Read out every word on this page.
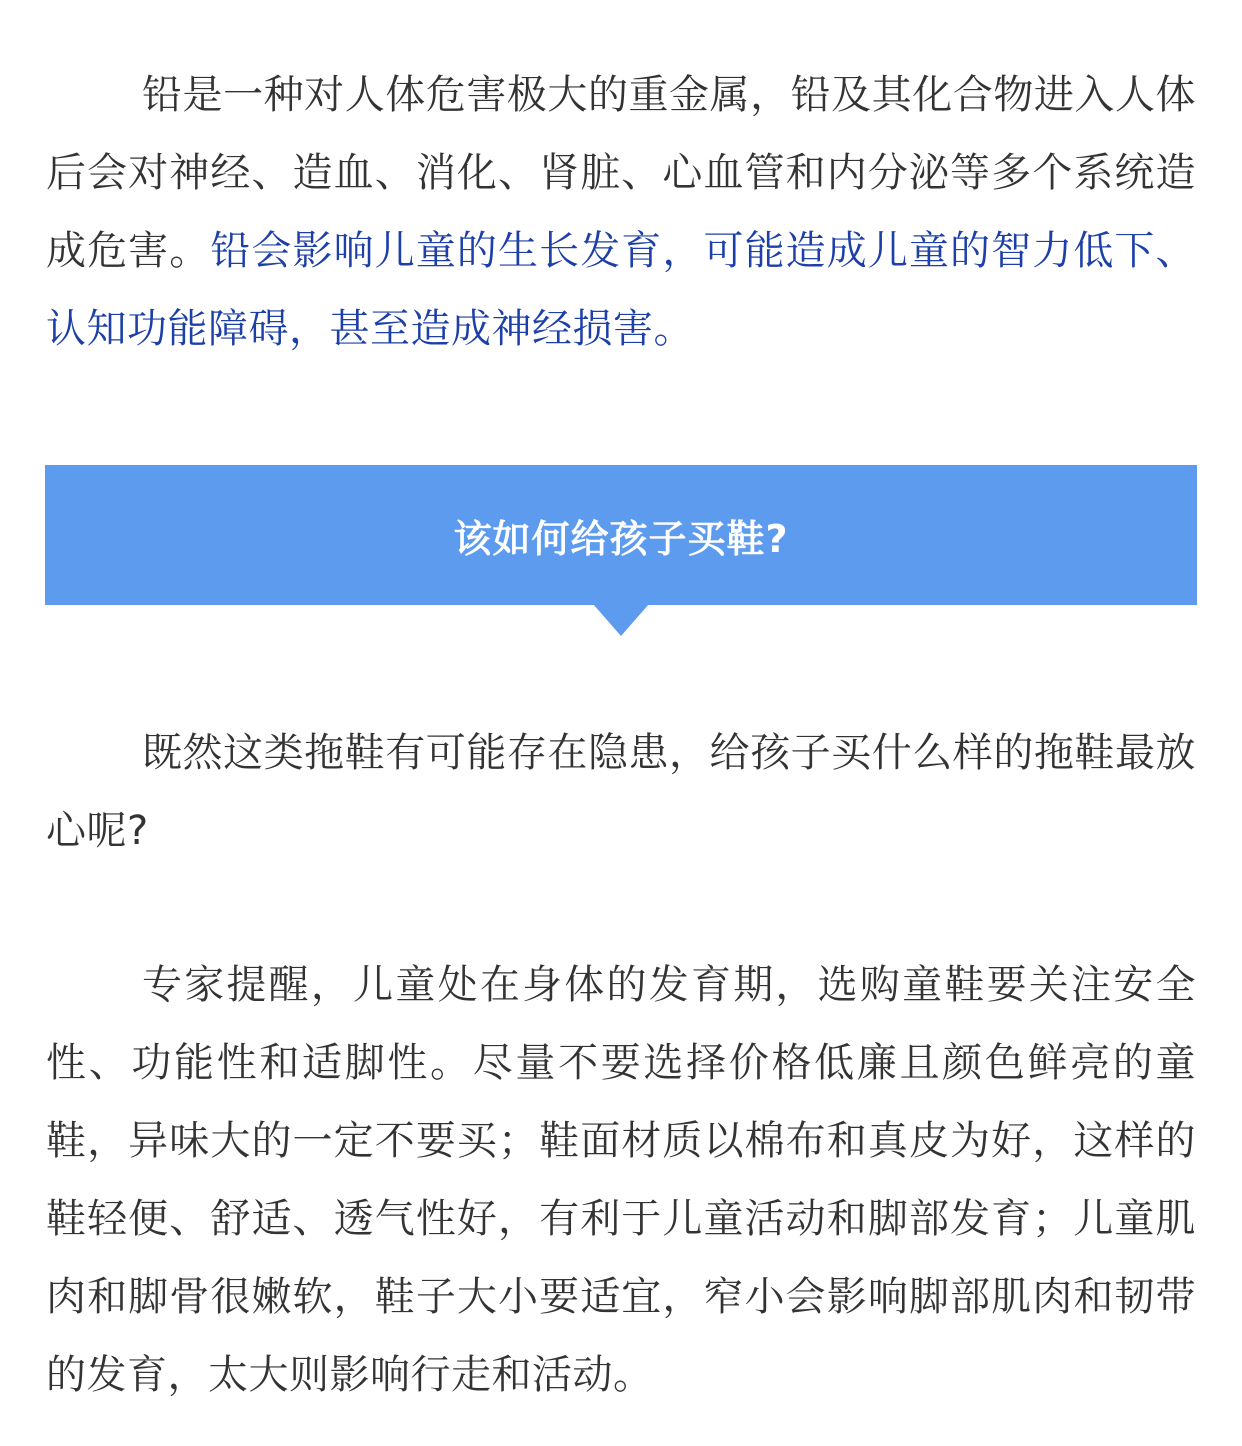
铅是一种对人体危害极大的重金属，铅及其化合物进入人体后会对神经、造血、消化、肾脏、心血管和内分泌等多个系统造成危害。铅会影响儿童的生长发育，可能造成儿童的智力低下、认知功能障碍，甚至造成神经损害。

该如何给孩子买鞋?

既然这类拖鞋有可能存在隐患，给孩子买什么样的拖鞋最放心呢?

专家提醒，儿童处在身体的发育期，选购童鞋要关注安全性、功能性和适脚性。尽量不要选择价格低廉且颜色鲜亮的童鞋，异味大的一定不要买；鞋面材质以棉布和真皮为好，这样的鞋轻便、舒适、透气性好，有利于儿童活动和脚部发育；儿童肌肉和脚骨很嫩软，鞋子大小要适宜，窄小会影响脚部肌肉和韧带的发育，太大则影响行走和活动。
